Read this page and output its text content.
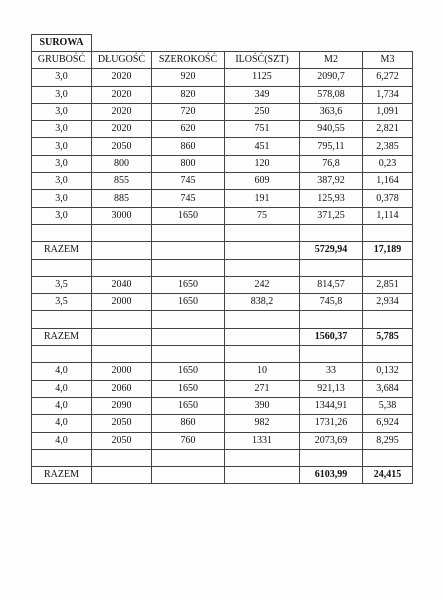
SUROWA					
GRUBOŚĆ	DŁUGOŚĆ	SZEROKOŚĆ	ILOŚĆ(SZT)	M2	M3
3,0	2020	920	1125	2090,7	6,272
3,0	2020	820	349	578,08	1,734
3,0	2020	720	250	363,6	1,091
3,0	2020	620	751	940,55	2,821
3,0	2050	860	451	795,11	2,385
3,0	800	800	120	76,8	0,23
3,0	855	745	609	387,92	1,164
3,0	885	745	191	125,93	0,378
3,0	3000	1650	75	371,25	1,114

RAZEM				5729,94	17,189

3,5	2040	1650	242	814,57	2,851
3,5	2000	1650	838,2	745,8	2,934

RAZEM				1560,37	5,785

4,0	2000	1650	10	33	0,132
4,0	2060	1650	271	921,13	3,684
4,0	2090	1650	390	1344,91	5,38
4,0	2050	860	982	1731,26	6,924
4,0	2050	760	1331	2073,69	8,295

RAZEM				6103,99	24,415
